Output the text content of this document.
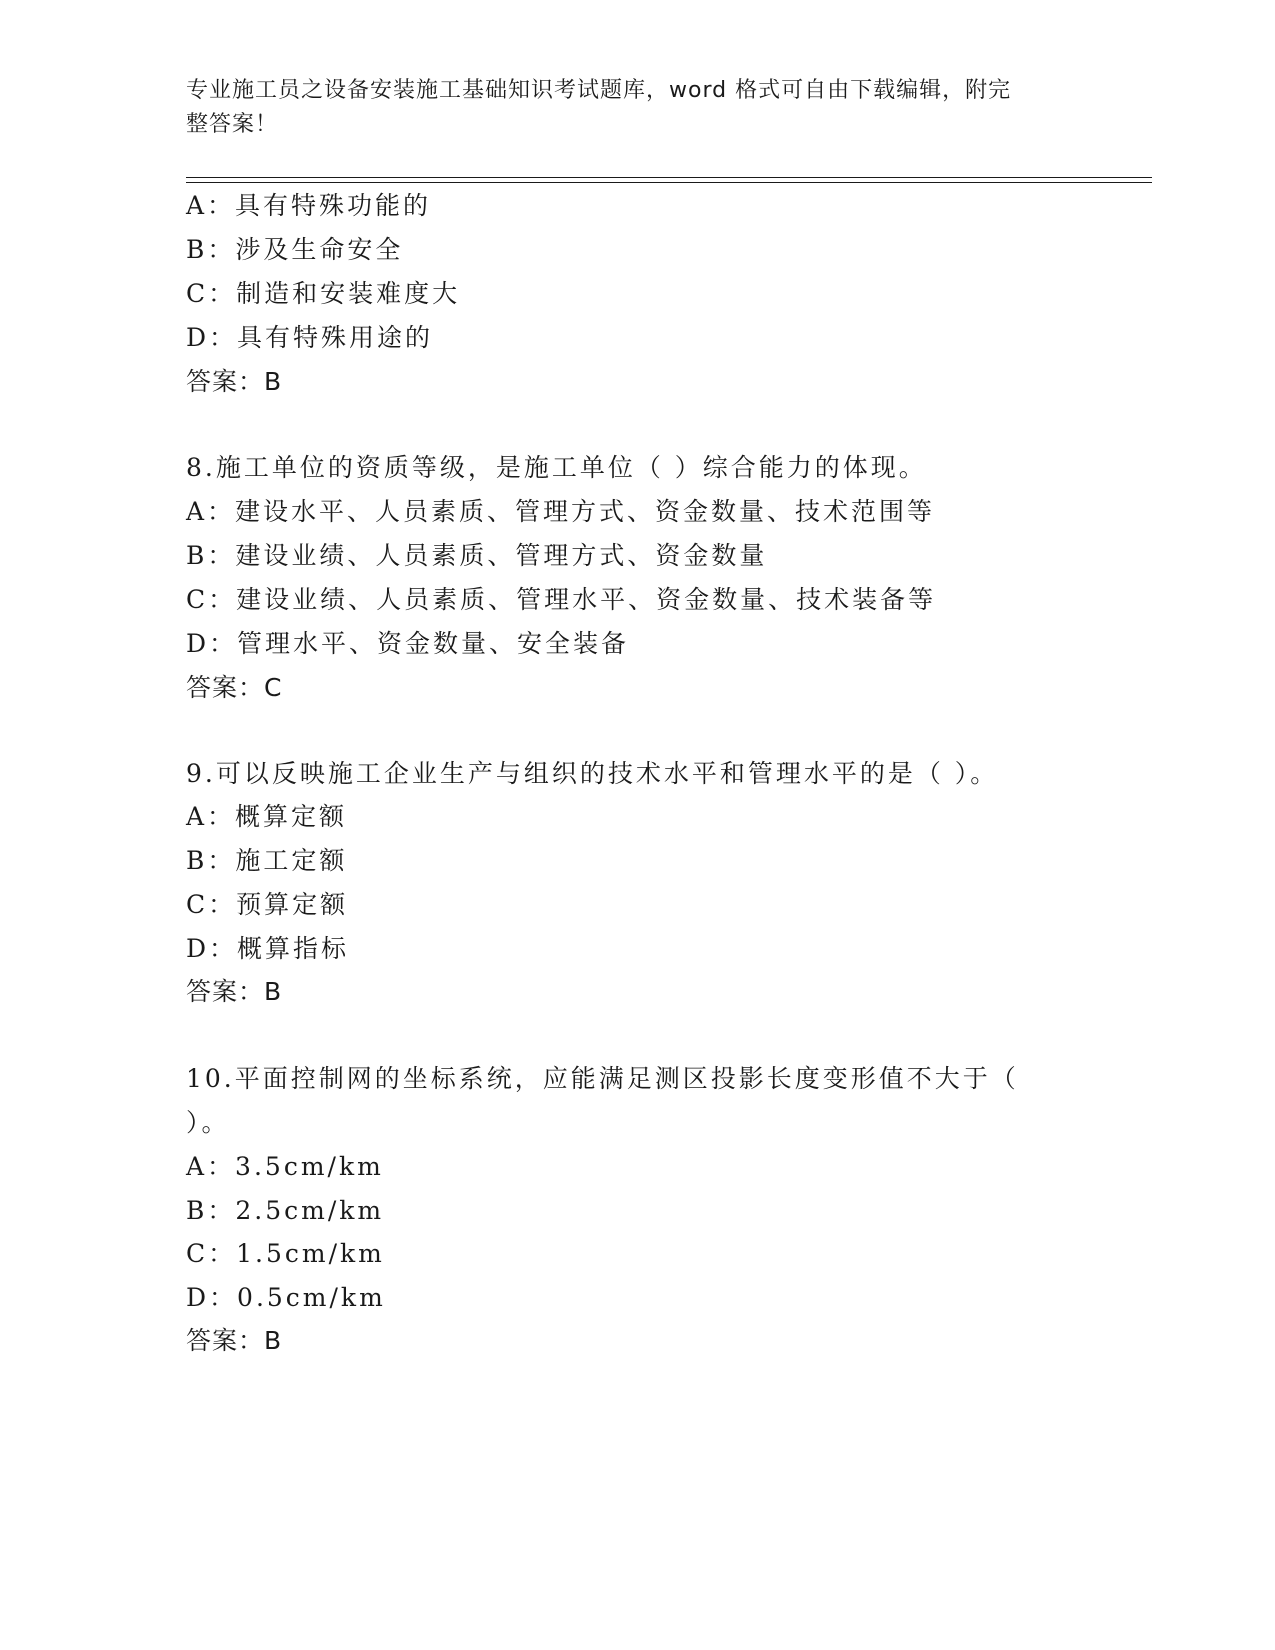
专业施工员之设备安装施工基础知识考试题库，word 格式可自由下载编辑，附完
整答案！
A：具有特殊功能的
B：涉及生命安全
C：制造和安装难度大
D：具有特殊用途的
答案：B
8.施工单位的资质等级，是施工单位（ ）综合能力的体现。
A：建设水平、人员素质、管理方式、资金数量、技术范围等
B：建设业绩、人员素质、管理方式、资金数量
C：建设业绩、人员素质、管理水平、资金数量、技术装备等
D：管理水平、资金数量、安全装备
答案：C
9.可以反映施工企业生产与组织的技术水平和管理水平的是（ ）。
A：概算定额
B：施工定额
C：预算定额
D：概算指标
答案：B
10.平面控制网的坐标系统，应能满足测区投影长度变形值不大于（
）。
A：3.5cm/km
B：2.5cm/km
C：1.5cm/km
D：0.5cm/km
答案：B
